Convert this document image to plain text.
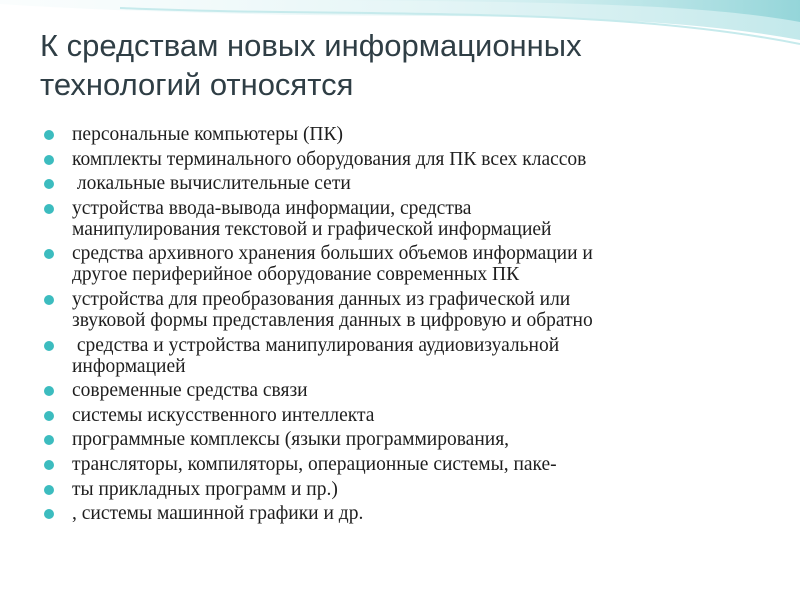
К средствам новых информационных
технологий относятся
персональные компьютеры (ПК)
комплекты терминального оборудования для ПК всех классов
локальные вычислительные сети
устройства ввода-вывода информации, средства
манипулирования текстовой и графической информацией
средства архивного хранения больших объемов информации и
другое периферийное оборудование современных ПК
устройства для преобразования данных из графической или
звуковой формы представления данных в цифровую и обратно
средства и устройства манипулирования аудиовизуальной
информацией
современные средства связи
системы искусственного интеллекта
программные комплексы (языки программирования,
трансляторы, компиляторы, операционные системы, паке-
ты прикладных программ и пр.)
, системы машинной графики и др.
